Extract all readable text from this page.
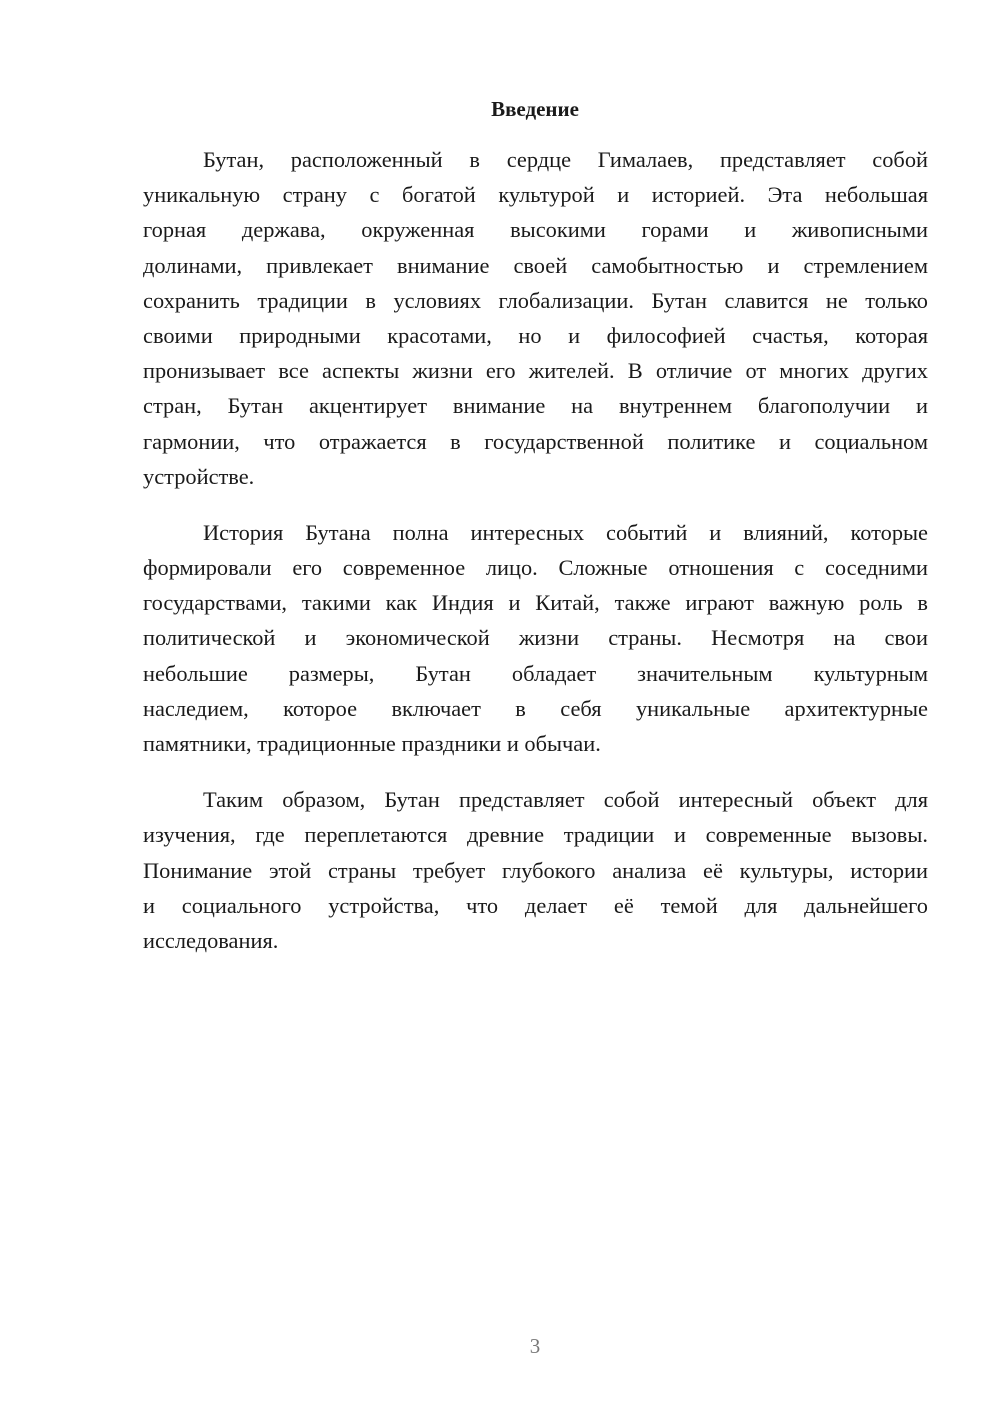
Введение
Бутан, расположенный в сердце Гималаев, представляет собой
уникальную страну с богатой культурой и историей. Эта небольшая
горная держава, окруженная высокими горами и живописными
долинами, привлекает внимание своей самобытностью и стремлением
сохранить традиции в условиях глобализации. Бутан славится не только
своими природными красотами, но и философией счастья, которая
пронизывает все аспекты жизни его жителей. В отличие от многих других
стран, Бутан акцентирует внимание на внутреннем благополучии и
гармонии, что отражается в государственной политике и социальном
устройстве.
История Бутана полна интересных событий и влияний, которые
формировали его современное лицо. Сложные отношения с соседними
государствами, такими как Индия и Китай, также играют важную роль в
политической и экономической жизни страны. Несмотря на свои
небольшие размеры, Бутан обладает значительным культурным
наследием, которое включает в себя уникальные архитектурные
памятники, традиционные праздники и обычаи.
Таким образом, Бутан представляет собой интересный объект для
изучения, где переплетаются древние традиции и современные вызовы.
Понимание этой страны требует глубокого анализа её культуры, истории
и социального устройства, что делает её темой для дальнейшего
исследования.
3
